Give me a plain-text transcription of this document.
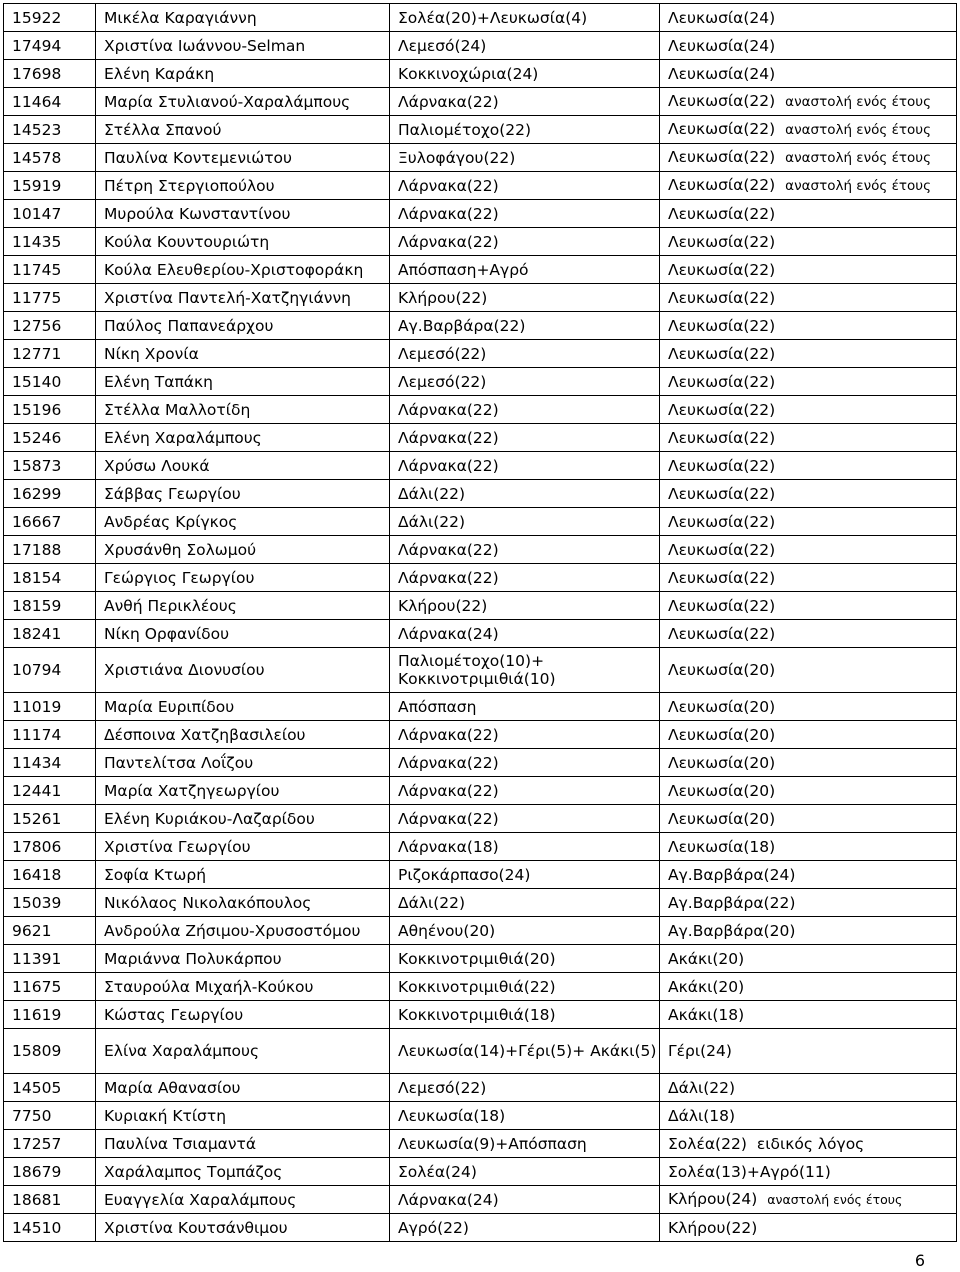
15922	Μικέλα Καραγιάννη	Σολέα(20)+Λευκωσία(4)	Λευκωσία(24)
17494	Χριστίνα Ιωάννου-Selman	Λεμεσό(24)	Λευκωσία(24)
17698	Ελένη Καράκη	Κοκκινοχώρια(24)	Λευκωσία(24)
11464	Μαρία Στυλιανού-Χαραλάμπους	Λάρνακα(22)	Λευκωσία(22) αναστολή ενός έτους
14523	Στέλλα Σπανού	Παλιομέτοχο(22)	Λευκωσία(22) αναστολή ενός έτους
14578	Παυλίνα Κοντεμενιώτου	Ξυλοφάγου(22)	Λευκωσία(22) αναστολή ενός έτους
15919	Πέτρη Στεργιοπούλου	Λάρνακα(22)	Λευκωσία(22) αναστολή ενός έτους
10147	Μυρούλα Κωνσταντίνου	Λάρνακα(22)	Λευκωσία(22)
11435	Κούλα Κουντουριώτη	Λάρνακα(22)	Λευκωσία(22)
11745	Κούλα Ελευθερίου-Χριστοφοράκη	Απόσπαση+Αγρό	Λευκωσία(22)
11775	Χριστίνα Παντελή-Χατζηγιάννη	Κλήρου(22)	Λευκωσία(22)
12756	Παύλος Παπανεάρχου	Αγ.Βαρβάρα(22)	Λευκωσία(22)
12771	Νίκη Χρονία	Λεμεσό(22)	Λευκωσία(22)
15140	Ελένη Ταπάκη	Λεμεσό(22)	Λευκωσία(22)
15196	Στέλλα Μαλλοτίδη	Λάρνακα(22)	Λευκωσία(22)
15246	Ελένη Χαραλάμπους	Λάρνακα(22)	Λευκωσία(22)
15873	Χρύσω Λουκά	Λάρνακα(22)	Λευκωσία(22)
16299	Σάββας Γεωργίου	Δάλι(22)	Λευκωσία(22)
16667	Ανδρέας Κρίγκος	Δάλι(22)	Λευκωσία(22)
17188	Χρυσάνθη Σολωμού	Λάρνακα(22)	Λευκωσία(22)
18154	Γεώργιος Γεωργίου	Λάρνακα(22)	Λευκωσία(22)
18159	Ανθή Περικλέους	Κλήρου(22)	Λευκωσία(22)
18241	Νίκη Ορφανίδου	Λάρνακα(24)	Λευκωσία(22)
10794	Χριστιάνα Διονυσίου	Παλιομέτοχο(10)+ Κοκκινοτριμιθιά(10)	Λευκωσία(20)
11019	Μαρία Ευριπίδου	Απόσπαση	Λευκωσία(20)
11174	Δέσποινα Χατζηβασιλείου	Λάρνακα(22)	Λευκωσία(20)
11434	Παντελίτσα Λοΐζου	Λάρνακα(22)	Λευκωσία(20)
12441	Μαρία Χατζηγεωργίου	Λάρνακα(22)	Λευκωσία(20)
15261	Ελένη Κυριάκου-Λαζαρίδου	Λάρνακα(22)	Λευκωσία(20)
17806	Χριστίνα Γεωργίου	Λάρνακα(18)	Λευκωσία(18)
16418	Σοφία Κτωρή	Ριζοκάρπασο(24)	Αγ.Βαρβάρα(24)
15039	Νικόλαος Νικολακόπουλος	Δάλι(22)	Αγ.Βαρβάρα(22)
9621	Ανδρούλα Ζήσιμου-Χρυσοστόμου	Αθηένου(20)	Αγ.Βαρβάρα(20)
11391	Μαριάννα Πολυκάρπου	Κοκκινοτριμιθιά(20)	Ακάκι(20)
11675	Σταυρούλα Μιχαήλ-Κούκου	Κοκκινοτριμιθιά(22)	Ακάκι(20)
11619	Κώστας Γεωργίου	Κοκκινοτριμιθιά(18)	Ακάκι(18)
15809	Ελίνα Χαραλάμπους	Λευκωσία(14)+Γέρι(5)+ Ακάκι(5)	Γέρι(24)
14505	Μαρία Αθανασίου	Λεμεσό(22)	Δάλι(22)
7750	Κυριακή Κτίστη	Λευκωσία(18)	Δάλι(18)
17257	Παυλίνα Τσιαμαντά	Λευκωσία(9)+Απόσπαση	Σολέα(22) ειδικός λόγος
18679	Χαράλαμπος Τομπάζος	Σολέα(24)	Σολέα(13)+Αγρό(11)
18681	Ευαγγελία Χαραλάμπους	Λάρνακα(24)	Κλήρου(24) αναστολή ενός έτους
14510	Χριστίνα Κουτσάνθιμου	Αγρό(22)	Κλήρου(22)
6
